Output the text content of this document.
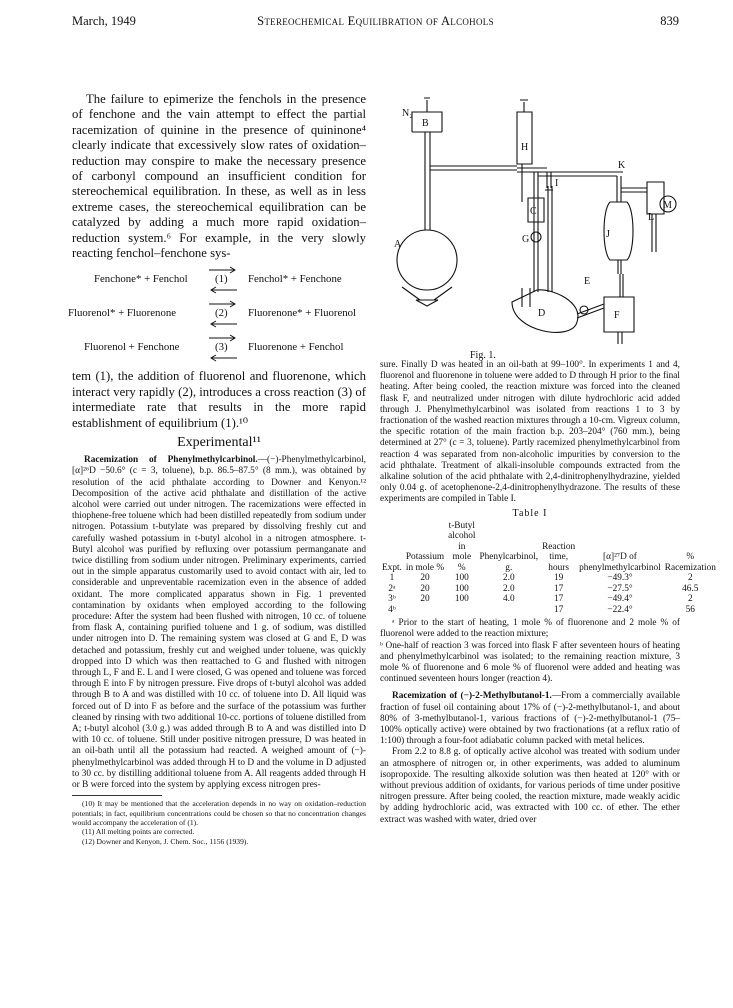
March, 1949	Stereochemical Equilibration of Alcohols	839

The failure to epimerize the fenchols in the presence of fenchone and the vain attempt to effect the partial racemization of quinine in the presence of quininone⁴ clearly indicate that excessively slow rates of oxidation–reduction may conspire to make the necessary presence of carbonyl compound an insufficient condition for stereochemical equilibration. In these, as well as in less extreme cases, the stereochemical equilibration can be catalyzed by adding a much more rapid oxidation–reduction system.⁶ For example, in the very slowly reacting fenchol–fenchone sys-

Fenchone* + Fenchol	(1) ⇌ Fenchol* + Fenchone
Fluorenol* + Fluorenone	(2) ⇌ Fluorenone* + Fluorenol
Fluorenol + Fenchone	(3) ⇌ Fluorenone + Fenchol

tem (1), the addition of fluorenol and fluorenone, which interact very rapidly (2), introduces a cross reaction (3) of intermediate rate that results in the more rapid establishment of equilibrium (1).¹⁰

Experimental¹¹

Racemization of Phenylmethylcarbinol.—(−)-Phenylmethylcarbinol, [α]²⁶D −50.6° (c = 3, toluene), b.p. 86.5–87.5° (8 mm.), was obtained by resolution of the acid phthalate according to Downer and Kenyon.¹² Decomposition of the active acid phthalate and distillation of the active alcohol were carried out under nitrogen. The racemizations were effected in thiophene-free toluene which had been distilled repeatedly from sodium under nitrogen. Potassium t-butylate was prepared by dissolving freshly cut and carefully washed potassium in t-butyl alcohol in a nitrogen atmosphere. t-Butyl alcohol was purified by refluxing over potassium permanganate and twice distilling from sodium under nitrogen. Preliminary experiments, carried out in the simple apparatus customarily used to avoid contact with air, led to considerable and unpreventable racemization even in the absence of added oxidant. The more complicated apparatus shown in Fig. 1 prevented contamination by oxidants when employed according to the following procedure: After the system had been flushed with nitrogen, 10 cc. of toluene from flask A, containing purified toluene and 1 g. of sodium, was distilled under nitrogen into D. The remaining system was closed at G and E, D was detached and potassium, freshly cut and weighed under toluene, was quickly dropped into D which was then reattached to G and flushed with nitrogen through L, F and E. L and I were closed, G was opened and toluene was forced through E into F by nitrogen pressure. Five drops of t-butyl alcohol was added through B to A and was distilled with 10 cc. of toluene into D. All liquid was forced out of D into F as before and the surface of the potassium was further cleaned by rinsing with two additional 10-cc. portions of toluene distilled from A; t-butyl alcohol (3.0 g.) was added through B to A and was distilled into D with 10 cc. of toluene. Still under positive nitrogen pressure, D was heated in an oil-bath until all the potassium had reacted. A weighed amount of (−)-phenylmethylcarbinol was added through H to D and the volume in D adjusted to 30 cc. by distilling additional toluene from A. All reagents added through H or B were forced into the system by applying excess nitrogen pres-

(10) It may be mentioned that the acceleration depends in no way on oxidation–reduction potentials; in fact, equilibrium concentrations could be chosen so that no concentration changes would accompany the acceleration of (1).

(11) All melting points are corrected.

(12) Downer and Kenyon, J. Chem. Soc., 1156 (1939).

N₂
B
A
H
C
G
I
K
J
L
M
E
D	F
Fig. 1.

sure. Finally D was heated in an oil-bath at 99–100°. In experiments 1 and 4, fluorenol and fluorenone in toluene were added to D through H prior to the final heating. After being cooled, the reaction mixture was forced into the cleaned flask F, and neutralized under nitrogen with dilute hydrochloric acid added through J. Phenylmethylcarbinol was isolated from reactions 1 to 3 by fractionation of the washed reaction mixtures through a 10-cm. Vigreux column, the specific rotation of the main fraction b.p. 203–204° (760 mm.), being determined at 27° (c = 3, toluene). Partly racemized phenylmethylcarbinol from reaction 4 was separated from non-alcoholic impurities by conversion to the acid phthalate. Treatment of alkali-insoluble compounds extracted from the alkaline solution of the acid phthalate with 2,4-dinitrophenylhydrazine, yielded only 0.04 g. of acetophenone-2,4-dinitrophenylhydrazone. The results of these experiments are compiled in Table I.

Table I
Expt.	Potassium in mole %	t-Butyl alcohol in mole %	Phenylcarbinol, g.	Reaction time, hours	[α]²⁷D of phenylmethylcarbinol	% Racemization
1	20	100	2.0	19	−49.3°	2
2ᵃ	20	100	2.0	17	−27.5°	46.5
3ᵇ	20	100	4.0	17	−49.4°	2
4ᵇ				17	−22.4°	56

ᵃ Prior to the start of heating, 1 mole % of fluorenone and 2 mole % of fluorenol were added to the reaction mixture;

ᵇ One-half of reaction 3 was forced into flask F after seventeen hours of heating and phenylmethylcarbinol was isolated; to the remaining reaction mixture, 3 mole % of fluorenone and 6 mole % of fluorenol were added and heating was continued seventeen hours longer (reaction 4).

Racemization of (−)-2-Methylbutanol-1.—From a commercially available fraction of fusel oil containing about 17% of (−)-2-methylbutanol-1, and about 80% of 3-methylbutanol-1, various fractions of (−)-2-methylbutanol-1 (75–100% optically active) were obtained by two fractionations (at a reflux ratio of 1:100) through a four-foot adiabatic column packed with metal helices.

From 2.2 to 8.8 g. of optically active alcohol was treated with sodium under an atmosphere of nitrogen or, in other experiments, was added to aluminum isopropoxide. The resulting alkoxide solution was then heated at 120° with or without previous addition of oxidants, for various periods of time under positive nitrogen pressure. After being cooled, the reaction mixture, made weakly acidic by adding hydrochloric acid, was extracted with 100 cc. of ether. The ether extract was washed with water, dried over
